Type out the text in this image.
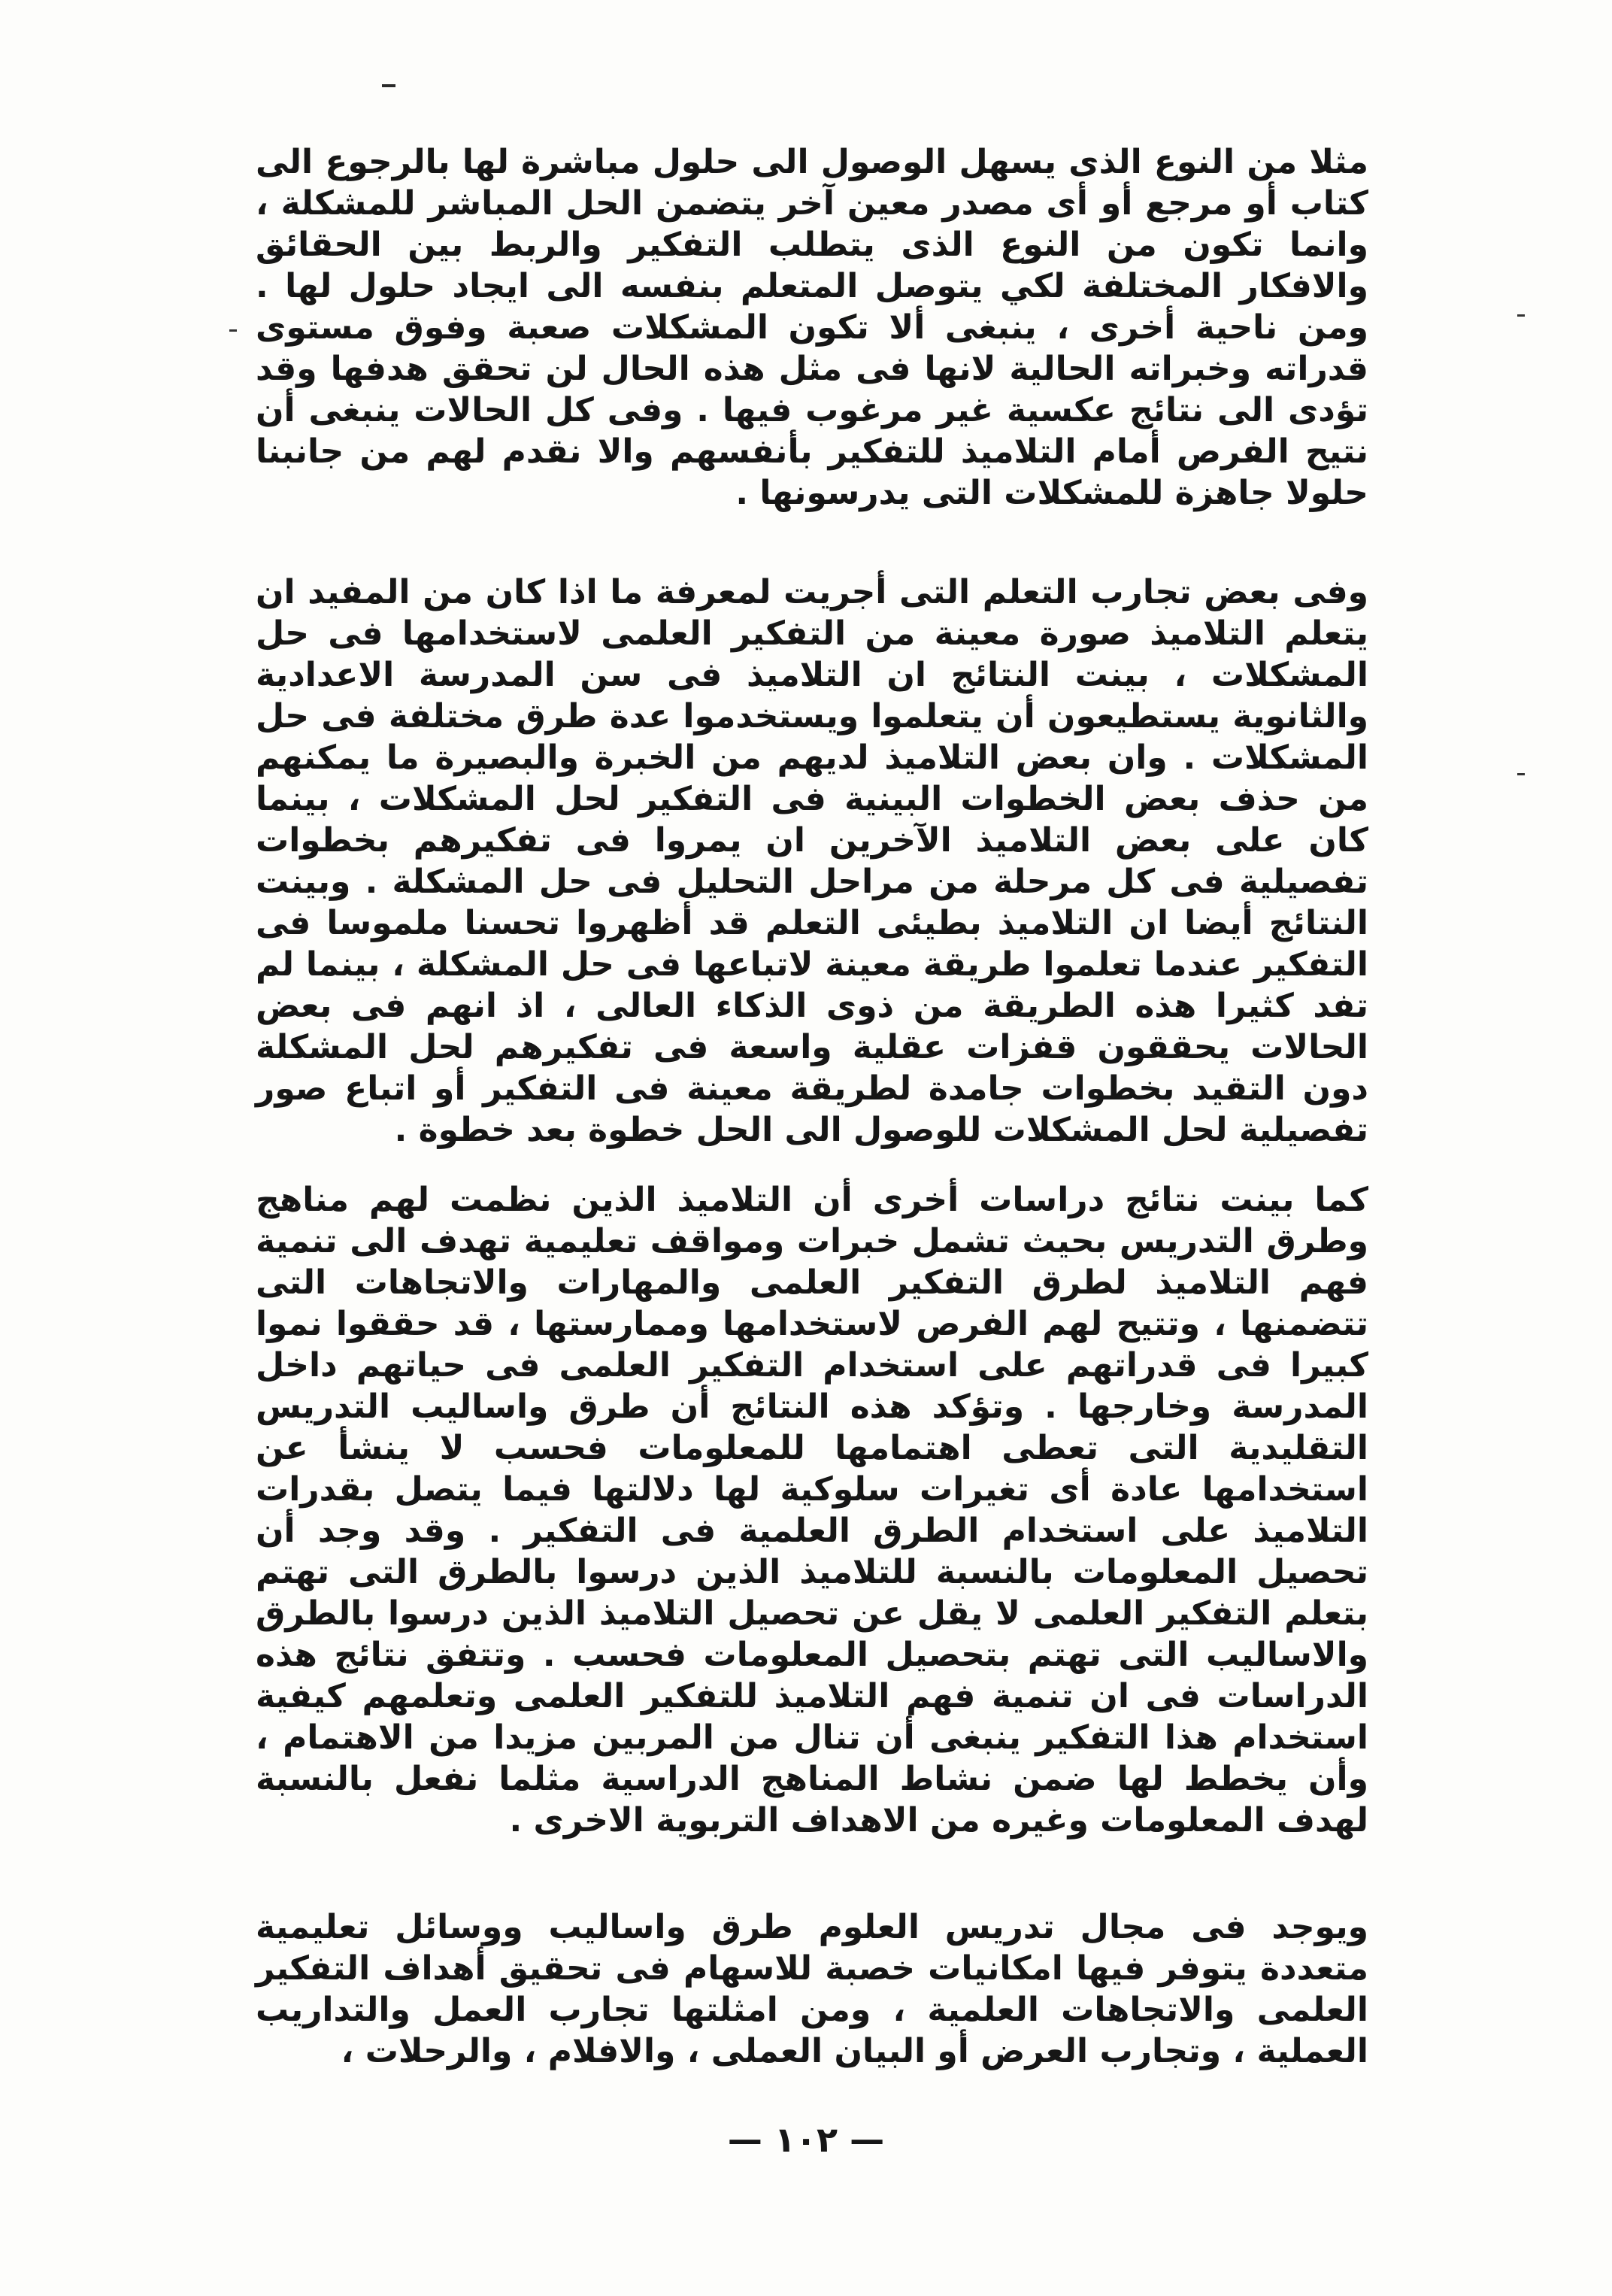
مثلا من النوع الذى يسهل الوصول الى حلول مباشرة لها بالرجوع الى كتاب أو مرجع أو أى مصدر معين آخر يتضمن الحل المباشر للمشكلة ، وانما تكون من النوع الذى يتطلب التفكير والربط بين الحقائق والافكار المختلفة لكي يتوصل المتعلم بنفسه الى ايجاد حلول لها . ومن ناحية أخرى ، ينبغى ألا تكون المشكلات صعبة وفوق مستوى قدراته وخبراته الحالية لانها فى مثل هذه الحال لن تحقق هدفها وقد تؤدى الى نتائج عكسية غير مرغوب فيها . وفى كل الحالات ينبغى أن نتيح الفرص أمام التلاميذ للتفكير بأنفسهم والا نقدم لهم من جانبنا حلولا جاهزة للمشكلات التى يدرسونها .

وفى بعض تجارب التعلم التى أجريت لمعرفة ما اذا كان من المفيد ان يتعلم التلاميذ صورة معينة من التفكير العلمى لاستخدامها فى حل المشكلات ، بينت النتائج ان التلاميذ فى سن المدرسة الاعدادية والثانوية يستطيعون أن يتعلموا ويستخدموا عدة طرق مختلفة فى حل المشكلات . وان بعض التلاميذ لديهم من الخبرة والبصيرة ما يمكنهم من حذف بعض الخطوات البينية فى التفكير لحل المشكلات ، بينما كان على بعض التلاميذ الآخرين ان يمروا فى تفكيرهم بخطوات تفصيلية فى كل مرحلة من مراحل التحليل فى حل المشكلة . وبينت النتائج أيضا ان التلاميذ بطيئى التعلم قد أظهروا تحسنا ملموسا فى التفكير عندما تعلموا طريقة معينة لاتباعها فى حل المشكلة ، بينما لم تفد كثيرا هذه الطريقة من ذوى الذكاء العالى ، اذ انهم فى بعض الحالات يحققون قفزات عقلية واسعة فى تفكيرهم لحل المشكلة دون التقيد بخطوات جامدة لطريقة معينة فى التفكير أو اتباع صور تفصيلية لحل المشكلات للوصول الى الحل خطوة بعد خطوة .

كما بينت نتائج دراسات أخرى أن التلاميذ الذين نظمت لهم مناهج وطرق التدريس بحيث تشمل خبرات ومواقف تعليمية تهدف الى تنمية فهم التلاميذ لطرق التفكير العلمى والمهارات والاتجاهات التى تتضمنها ، وتتيح لهم الفرص لاستخدامها وممارستها ، قد حققوا نموا كبيرا فى قدراتهم على استخدام التفكير العلمى فى حياتهم داخل المدرسة وخارجها . وتؤكد هذه النتائج أن طرق واساليب التدريس التقليدية التى تعطى اهتمامها للمعلومات فحسب لا ينشأ عن استخدامها عادة أى تغيرات سلوكية لها دلالتها فيما يتصل بقدرات التلاميذ على استخدام الطرق العلمية فى التفكير . وقد وجد أن تحصيل المعلومات بالنسبة للتلاميذ الذين درسوا بالطرق التى تهتم بتعلم التفكير العلمى لا يقل عن تحصيل التلاميذ الذين درسوا بالطرق والاساليب التى تهتم بتحصيل المعلومات فحسب . وتتفق نتائج هذه الدراسات فى ان تنمية فهم التلاميذ للتفكير العلمى وتعلمهم كيفية استخدام هذا التفكير ينبغى أن تنال من المربين مزيدا من الاهتمام ، وأن يخطط لها ضمن نشاط المناهج الدراسية مثلما نفعل بالنسبة لهدف المعلومات وغيره من الاهداف التربوية الاخرى .

ويوجد فى مجال تدريس العلوم طرق واساليب ووسائل تعليمية متعددة يتوفر فيها امكانيات خصبة للاسهام فى تحقيق أهداف التفكير العلمى والاتجاهات العلمية ، ومن امثلتها تجارب العمل والتداريب العملية ، وتجارب العرض أو البيان العملى ، والافلام ، والرحلات ،

— ١٠٢ —
